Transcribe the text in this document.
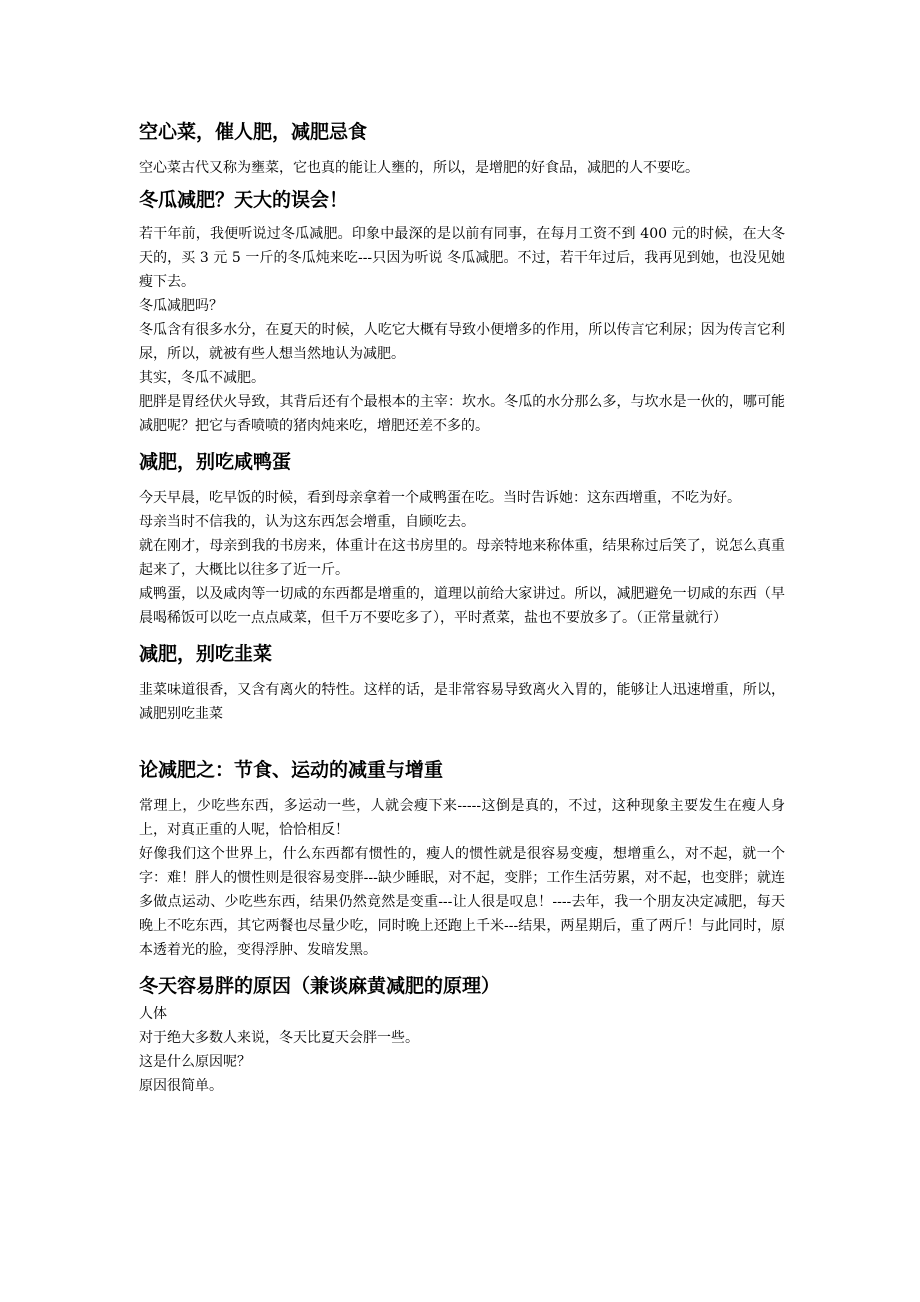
空心菜，催人肥，减肥忌食

空心菜古代又称为壅菜，它也真的能让人壅的，所以，是增肥的好食品，减肥的人不要吃。

冬瓜减肥？天大的误会！

若干年前，我便听说过冬瓜减肥。印象中最深的是以前有同事，在每月工资不到 400 元的时候，在大冬天的，买 3 元 5 一斤的冬瓜炖来吃---只因为听说 冬瓜减肥。不过，若干年过后，我再见到她，也没见她瘦下去。

冬瓜减肥吗？

冬瓜含有很多水分，在夏天的时候，人吃它大概有导致小便增多的作用，所以传言它利尿；因为传言它利尿，所以，就被有些人想当然地认为减肥。

其实，冬瓜不减肥。

肥胖是胃经伏火导致，其背后还有个最根本的主宰：坎水。冬瓜的水分那么多，与坎水是一伙的，哪可能减肥呢？把它与香喷喷的猪肉炖来吃，增肥还差不多的。

减肥，别吃咸鸭蛋

今天早晨，吃早饭的时候，看到母亲拿着一个咸鸭蛋在吃。当时告诉她：这东西增重，不吃为好。

母亲当时不信我的，认为这东西怎会增重，自顾吃去。

就在刚才，母亲到我的书房来，体重计在这书房里的。母亲特地来称体重，结果称过后笑了，说怎么真重起来了，大概比以往多了近一斤。

咸鸭蛋，以及咸肉等一切咸的东西都是增重的，道理以前给大家讲过。所以，减肥避免一切咸的东西（早晨喝稀饭可以吃一点点咸菜，但千万不要吃多了），平时煮菜，盐也不要放多了。（正常量就行）

减肥，别吃韭菜

韭菜味道很香，又含有离火的特性。这样的话，是非常容易导致离火入胃的，能够让人迅速增重，所以，减肥别吃韭菜

论减肥之：节食、运动的减重与增重

常理上，少吃些东西，多运动一些，人就会瘦下来-----这倒是真的，不过，这种现象主要发生在瘦人身上，对真正重的人呢，恰恰相反！

好像我们这个世界上，什么东西都有惯性的，瘦人的惯性就是很容易变瘦，想增重么，对不起，就一个字：难！胖人的惯性则是很容易变胖---缺少睡眠，对不起，变胖；工作生活劳累，对不起，也变胖；就连多做点运动、少吃些东西，结果仍然竟然是变重---让人很是叹息！----去年，我一个朋友决定减肥，每天晚上不吃东西，其它两餐也尽量少吃，同时晚上还跑上千米---结果，两星期后，重了两斤！与此同时，原本透着光的脸，变得浮肿、发暗发黑。

冬天容易胖的原因（兼谈麻黄减肥的原理）

人体

对于绝大多数人来说，冬天比夏天会胖一些。

这是什么原因呢？

原因很简单。
